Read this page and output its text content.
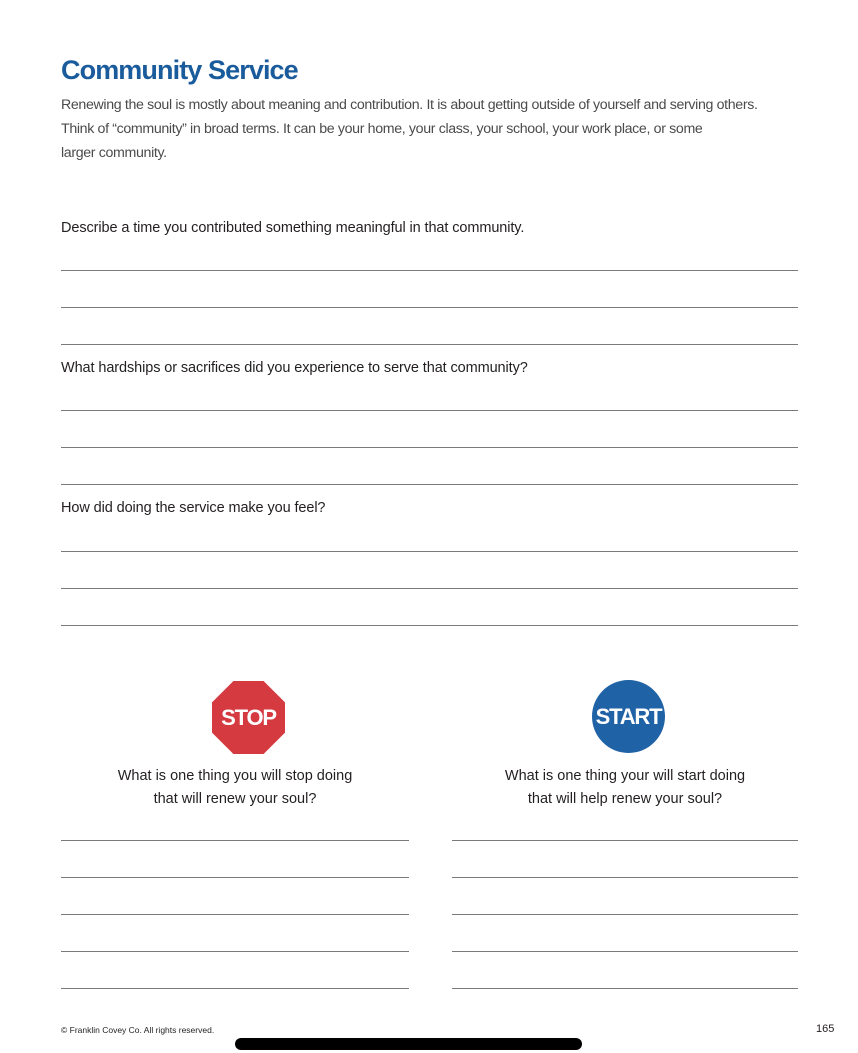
Community Service
Renewing the soul is mostly about meaning and contribution. It is about getting outside of yourself and serving others.
Think of “community” in broad terms. It can be your home, your class, your school, your work place, or some
larger community.
Describe a time you contributed something meaningful in that community.
What hardships or sacrifices did you experience to serve that community?
How did doing the service make you feel?
STOP	START
What is one thing you will stop doing
that will renew your soul?
What is one thing your will start doing
that will help renew your soul?
© Franklin Covey Co. All rights reserved.	165
